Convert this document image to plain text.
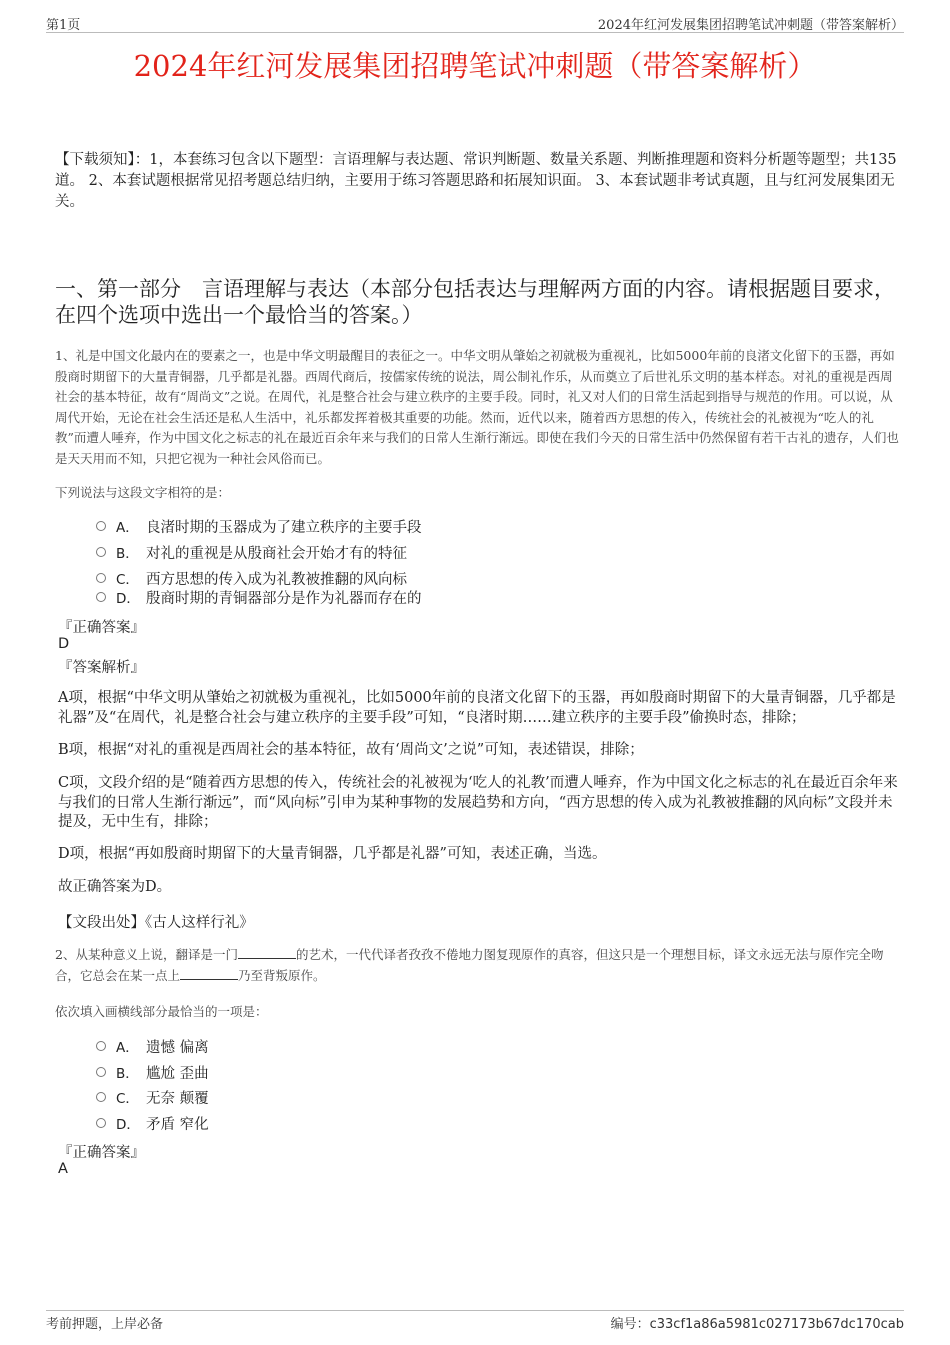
第1页	2024年红河发展集团招聘笔试冲刺题（带答案解析）
2024年红河发展集团招聘笔试冲刺题（带答案解析）
【下载须知】：1，本套练习包含以下题型：言语理解与表达题、常识判断题、数量关系题、判断推理题和资料分析题等题型；共135道。 2、本套试题根据常见招考题总结归纳，主要用于练习答题思路和拓展知识面。 3、本套试题非考试真题，且与红河发展集团无关。
一、第一部分　言语理解与表达（本部分包括表达与理解两方面的内容。请根据题目要求，在四个选项中选出一个最恰当的答案。）
1、礼是中国文化最内在的要素之一，也是中华文明最醒目的表征之一。中华文明从肇始之初就极为重视礼，比如5000年前的良渚文化留下的玉器，再如殷商时期留下的大量青铜器，几乎都是礼器。西周代商后，按儒家传统的说法，周公制礼作乐，从而奠立了后世礼乐文明的基本样态。对礼的重视是西周社会的基本特征，故有“周尚文”之说。在周代，礼是整合社会与建立秩序的主要手段。同时，礼又对人们的日常生活起到指导与规范的作用。可以说，从周代开始，无论在社会生活还是私人生活中，礼乐都发挥着极其重要的功能。然而，近代以来，随着西方思想的传入，传统社会的礼被视为“吃人的礼教”而遭人唾弃，作为中国文化之标志的礼在最近百余年来与我们的日常人生渐行渐远。即使在我们今天的日常生活中仍然保留有若干古礼的遗存，人们也是天天用而不知，只把它视为一种社会风俗而已。
下列说法与这段文字相符的是：
A． 良渚时期的玉器成为了建立秩序的主要手段
B． 对礼的重视是从殷商社会开始才有的特征
C． 西方思想的传入成为礼教被推翻的风向标
D． 殷商时期的青铜器部分是作为礼器而存在的
『正确答案』
D
『答案解析』
A项，根据“中华文明从肇始之初就极为重视礼，比如5000年前的良渚文化留下的玉器，再如殷商时期留下的大量青铜器，几乎都是礼器”及“在周代，礼是整合社会与建立秩序的主要手段”可知，“良渚时期……建立秩序的主要手段”偷换时态，排除；
B项，根据“对礼的重视是西周社会的基本特征，故有‘周尚文’之说”可知，表述错误，排除；
C项，文段介绍的是“随着西方思想的传入，传统社会的礼被视为‘吃人的礼教’而遭人唾弃，作为中国文化之标志的礼在最近百余年来与我们的日常人生渐行渐远”，而“风向标”引申为某种事物的发展趋势和方向，“西方思想的传入成为礼教被推翻的风向标”文段并未提及，无中生有，排除；
D项，根据“再如殷商时期留下的大量青铜器，几乎都是礼器”可知，表述正确，当选。
故正确答案为D。
【文段出处】《古人这样行礼》
2、从某种意义上说，翻译是一门	的艺术，一代代译者孜孜不倦地力图复现原作的真容，但这只是一个理想目标，译文永远无法与原作完全吻合，它总会在某一点上	乃至背叛原作。
依次填入画横线部分最恰当的一项是：
A． 遗憾 偏离
B． 尴尬 歪曲
C． 无奈 颠覆
D． 矛盾 窄化
『正确答案』
A
考前押题，上岸必备	编号：c33cf1a86a5981c027173b67dc170cab
